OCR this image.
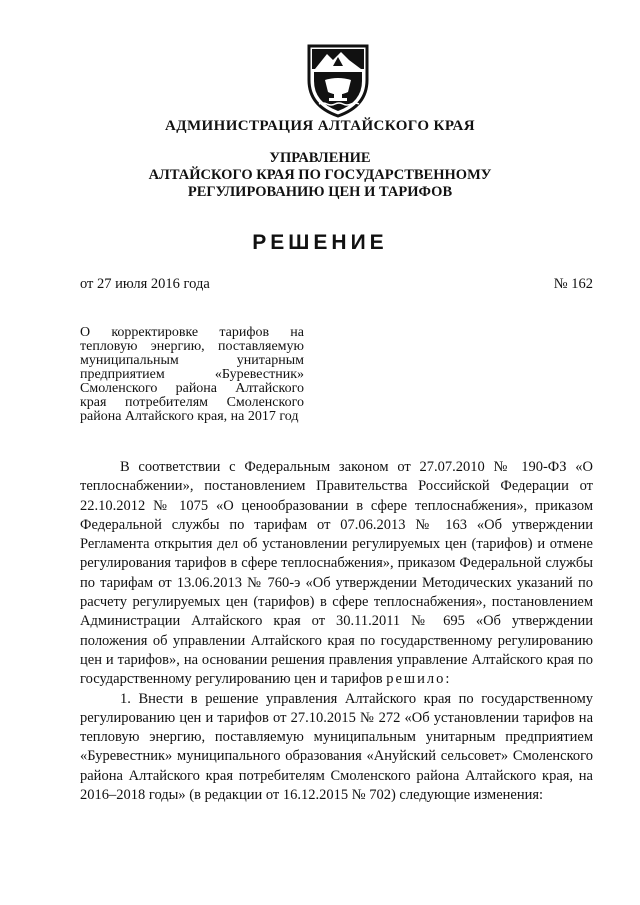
АДМИНИСТРАЦИЯ АЛТАЙСКОГО КРАЯ
УПРАВЛЕНИЕ
АЛТАЙСКОГО КРАЯ ПО ГОСУДАРСТВЕННОМУ
РЕГУЛИРОВАНИЮ ЦЕН И ТАРИФОВ
РЕШЕНИЕ
от 27 июля 2016 года	№ 162
О корректировке тарифов на тепловую энергию, поставляемую муниципальным унитарным предприятием «Буревестник» Смоленского района Алтайского края потребителям Смоленского района Алтайского края, на 2017 год

В соответствии с Федеральным законом от 27.07.2010 № 190-ФЗ «О теплоснабжении», постановлением Правительства Российской Федерации от 22.10.2012 № 1075 «О ценообразовании в сфере теплоснабжения», приказом Федеральной службы по тарифам от 07.06.2013 № 163 «Об утверждении Регламента открытия дел об установлении регулируемых цен (тарифов) и отмене регулирования тарифов в сфере теплоснабжения», приказом Федеральной службы по тарифам от 13.06.2013 № 760-э «Об утверждении Методических указаний по расчету регулируемых цен (тарифов) в сфере теплоснабжения», постановлением Администрации Алтайского края от 30.11.2011 № 695 «Об утверждении положения об управлении Алтайского края по государственному регулированию цен и тарифов», на основании решения правления управление Алтайского края по государственному регулированию цен и тарифов решило:

1. Внести в решение управления Алтайского края по государственному регулированию цен и тарифов от 27.10.2015 № 272 «Об установлении тарифов на тепловую энергию, поставляемую муниципальным унитарным предприятием «Буревестник» муниципального образования «Ануйский сельсовет» Смоленского района Алтайского края потребителям Смоленского района Алтайского края, на 2016–2018 годы» (в редакции от 16.12.2015 № 702) следующие изменения:
